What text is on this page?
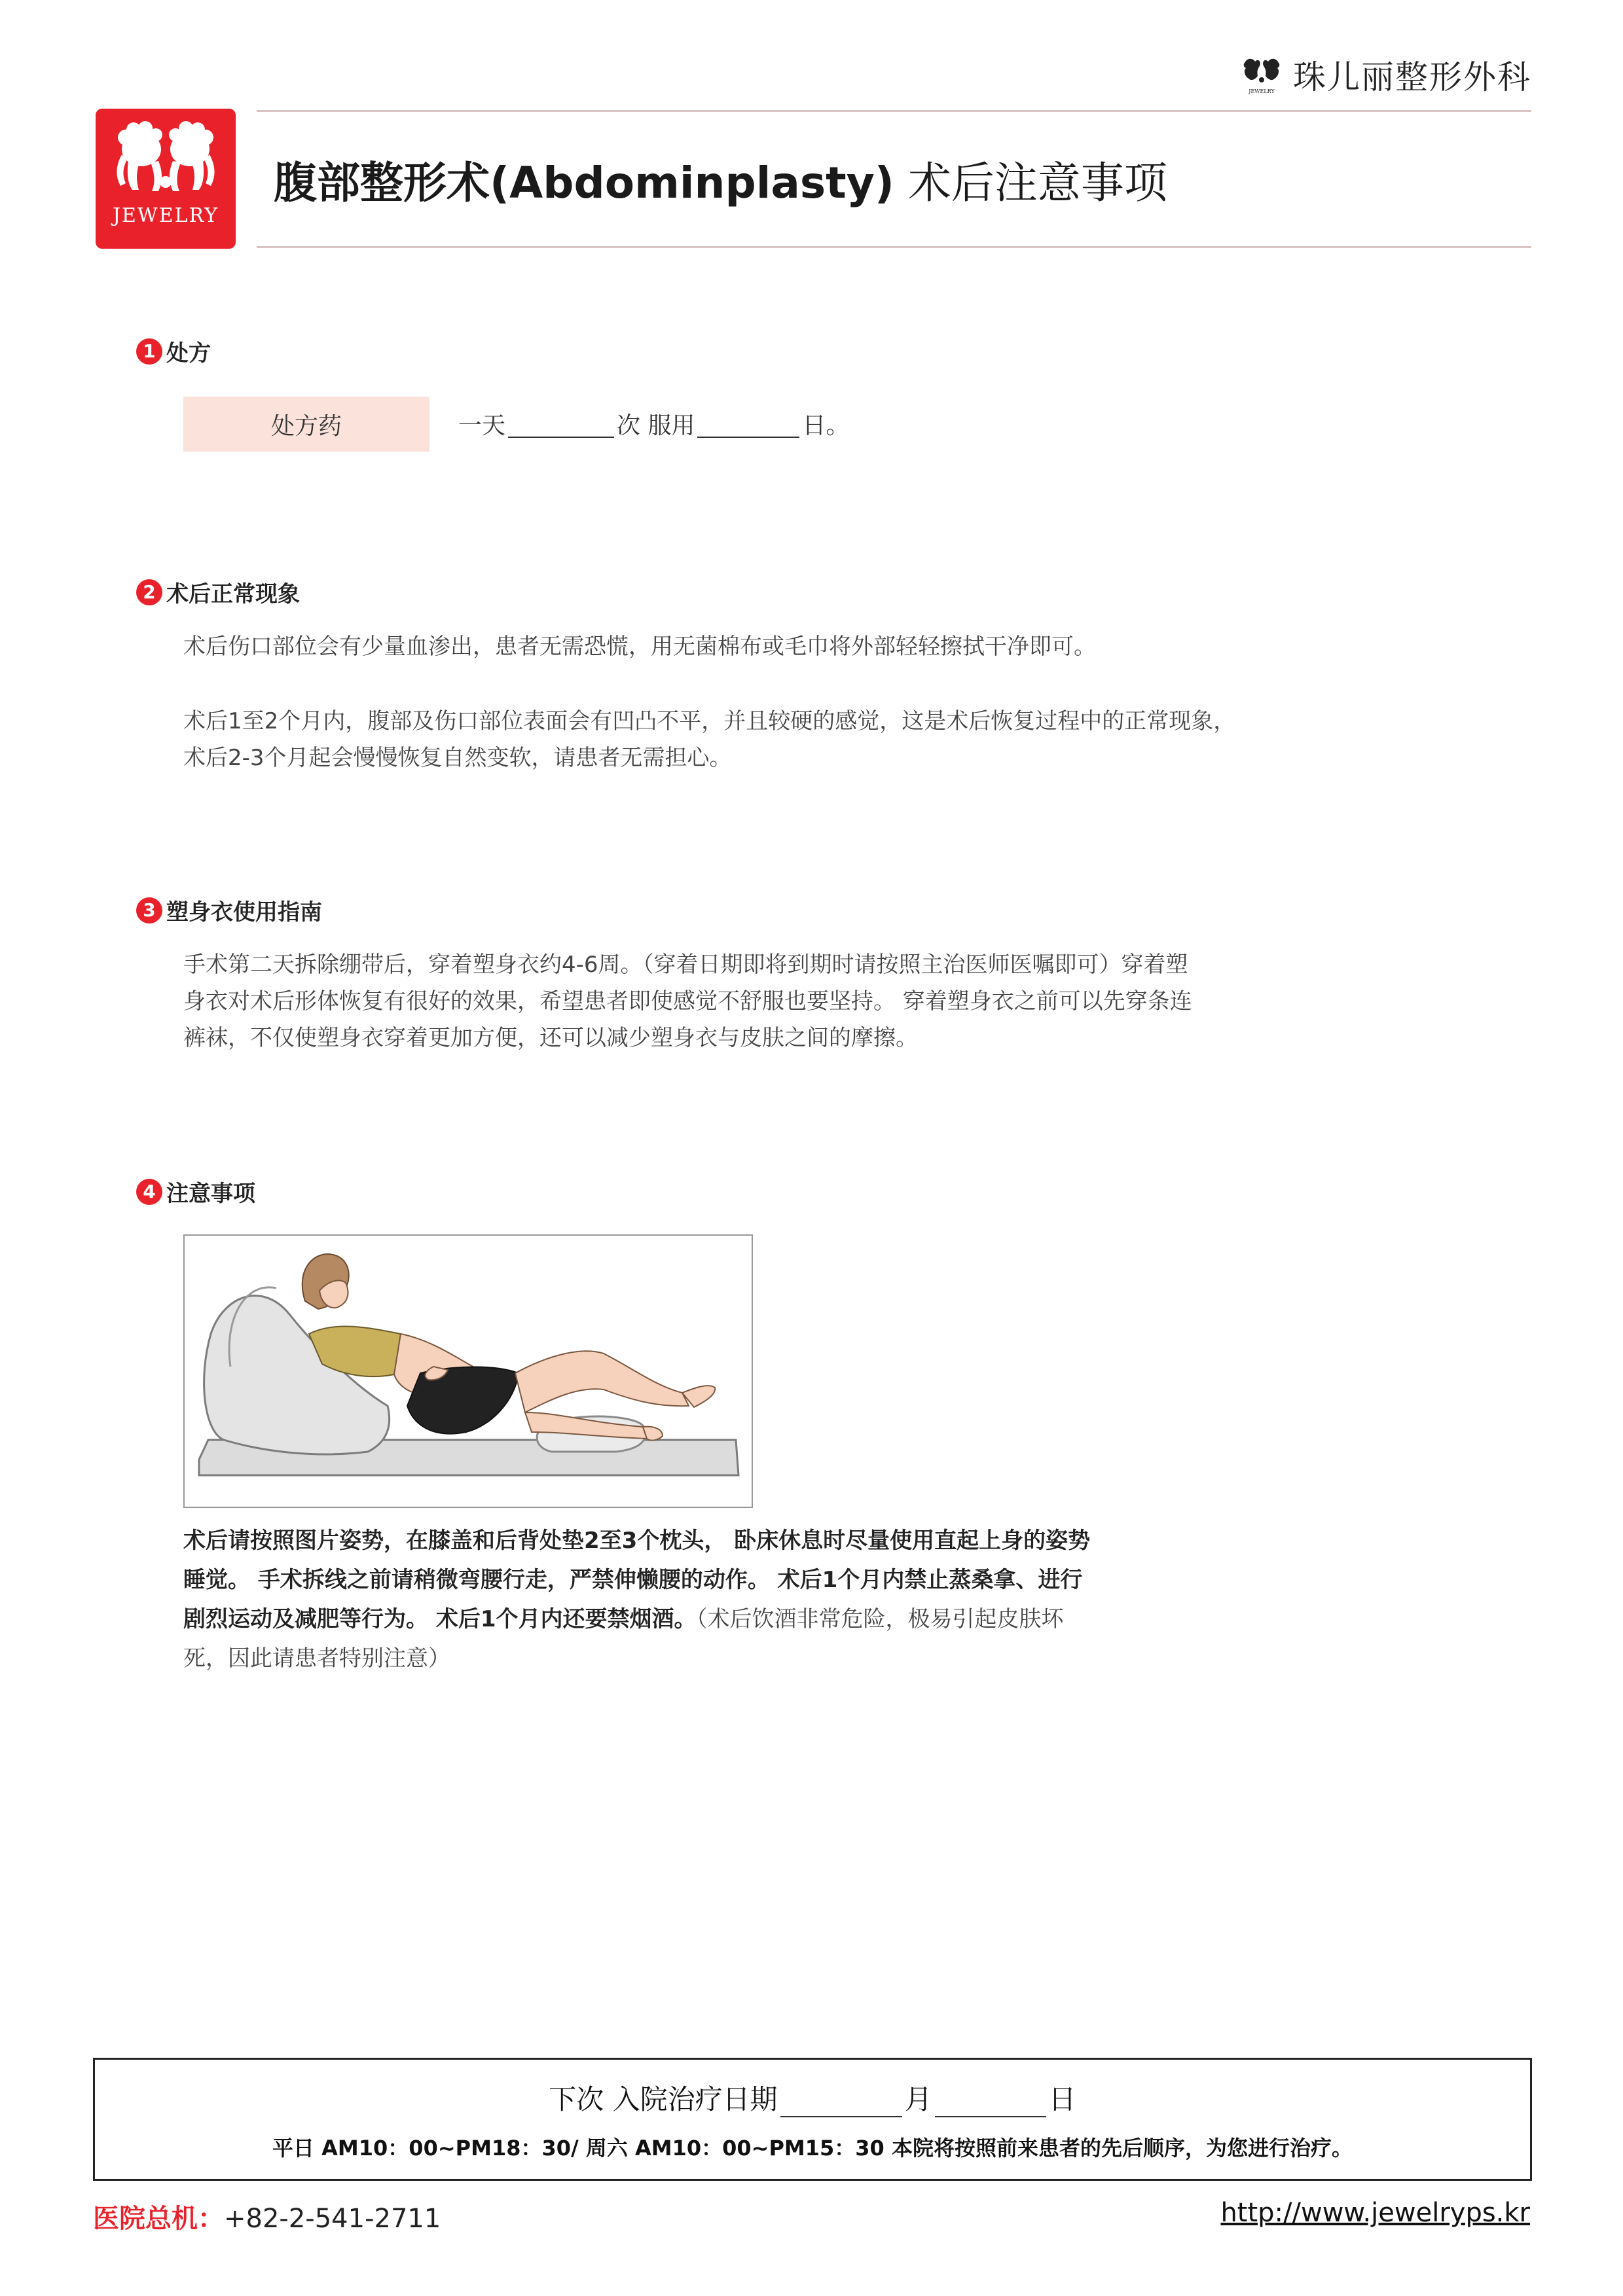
JEWELRY 珠儿丽整形外科
JEWELRY
腹部整形术(Abdominplasty) 术后注意事项
1 处方
处方药	一天	次 服用	日。
2 术后正常现象
术后伤口部位会有少量血渗出，患者无需恐慌，用无菌棉布或毛巾将外部轻轻擦拭干净即可。
术后1至2个月内，腹部及伤口部位表面会有凹凸不平，并且较硬的感觉，这是术后恢复过程中的正常现象，
术后2-3个月起会慢慢恢复自然变软，请患者无需担心。
3 塑身衣使用指南
手术第二天拆除绷带后，穿着塑身衣约4-6周。（穿着日期即将到期时请按照主治医师医嘱即可）穿着塑
身衣对术后形体恢复有很好的效果，希望患者即使感觉不舒服也要坚持。 穿着塑身衣之前可以先穿条连
裤袜，不仅使塑身衣穿着更加方便，还可以减少塑身衣与皮肤之间的摩擦。
4 注意事项
术后请按照图片姿势，在膝盖和后背处垫2至3个枕头， 卧床休息时尽量使用直起上身的姿势
睡觉。 手术拆线之前请稍微弯腰行走，严禁伸懒腰的动作。 术后1个月内禁止蒸桑拿、进行
剧烈运动及减肥等行为。 术后1个月内还要禁烟酒。（术后饮酒非常危险，极易引起皮肤坏
死，因此请患者特别注意）
下次 入院治疗日期	月	日
平日 AM10：00~PM18：30/ 周六 AM10：00~PM15：30 本院将按照前来患者的先后顺序，为您进行治疗。
医院总机：+82-2-541-2711	http://www.jewelryps.kr
